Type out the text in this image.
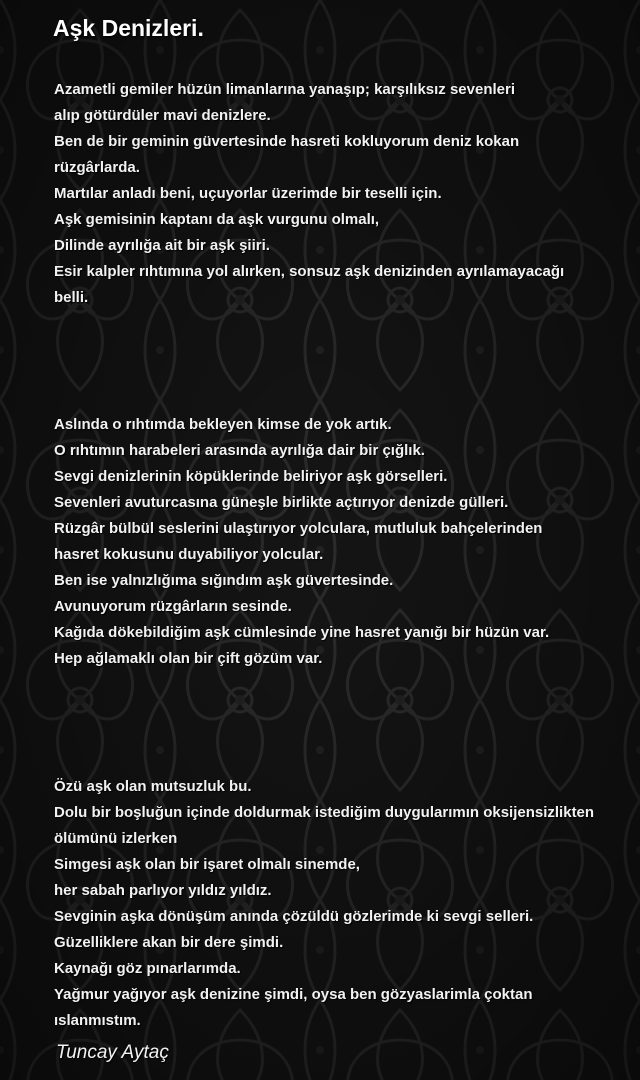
Aşk Denizleri.
Azametli gemiler hüzün limanlarına yanaşıp; karşılıksız sevenleri
alıp götürdüler mavi denizlere.
Ben de bir geminin güvertesinde hasreti kokluyorum deniz kokan
rüzgârlarda.
Martılar anladı beni, uçuyorlar üzerimde bir teselli için.
Aşk gemisinin kaptanı da aşk vurgunu olmalı,
Dilinde ayrılığa ait bir aşk şiiri.
Esir kalpler rıhtımına yol alırken, sonsuz aşk denizinden ayrılamayacağı
belli.
Aslında o rıhtımda bekleyen kimse de yok artık.
O rıhtımın harabeleri arasında ayrılığa dair bir çığlık.
Sevgi denizlerinin köpüklerinde beliriyor aşk görselleri.
Sevenleri avuturcasına güneşle birlikte açtırıyor denizde gülleri.
Rüzgâr bülbül seslerini ulaştırıyor yolculara, mutluluk bahçelerinden
hasret kokusunu duyabiliyor yolcular.
Ben ise yalnızlığıma sığındım aşk güvertesinde.
Avunuyorum rüzgârların sesinde.
Kağıda dökebildiğim aşk cümlesinde yine hasret yanığı bir hüzün var.
Hep ağlamaklı olan bir çift gözüm var.
Özü aşk olan mutsuzluk bu.
Dolu bir boşluğun içinde doldurmak istediğim duygularımın oksijensizlikten
ölümünü izlerken
Simgesi aşk olan bir işaret olmalı sinemde,
her sabah parlıyor yıldız yıldız.
Sevginin aşka dönüşüm anında çözüldü gözlerimde ki sevgi selleri.
Güzelliklere akan bir dere şimdi.
Kaynağı göz pınarlarımda.
Yağmur yağıyor aşk denizine şimdi, oysa ben gözyaslarimla çoktan
ıslanmıstım.

Tuncay Aytaç
